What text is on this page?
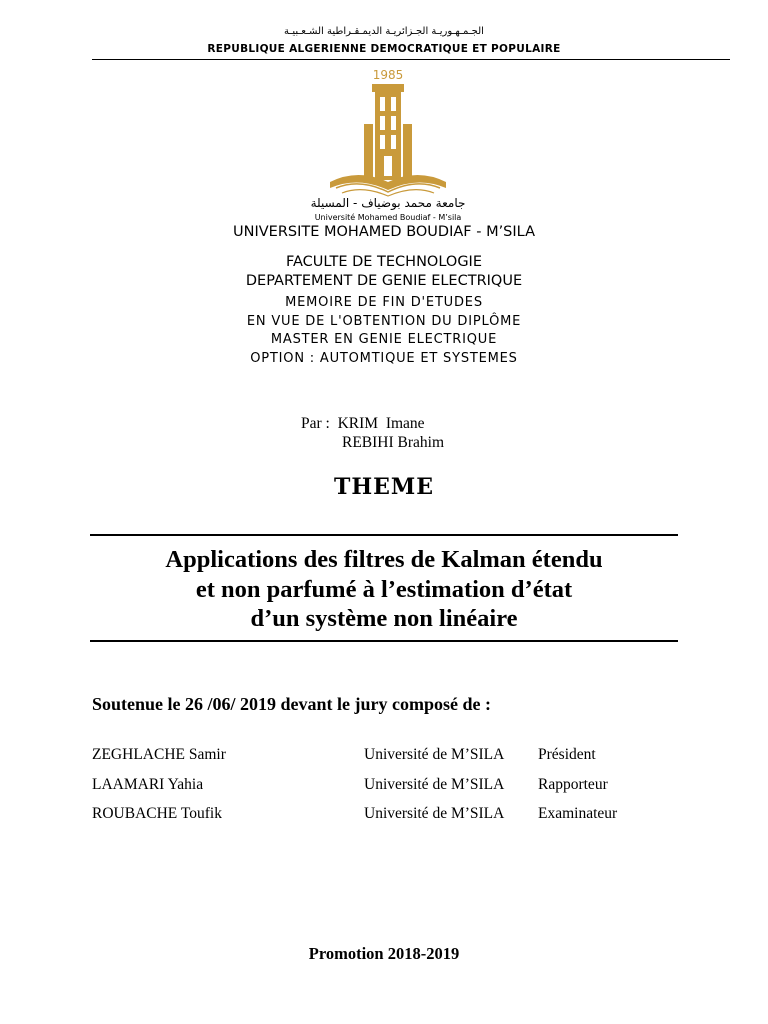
الجـمـهـوريـة الجـزائريـة الديمـقـراطية الشـعـبيـة
REPUBLIQUE ALGERIENNE DEMOCRATIQUE ET POPULAIRE
1985
جامعة محمد بوضياف - المسيلة
Université Mohamed Boudiaf - M’sila
UNIVERSITE MOHAMED BOUDIAF - M’SILA
FACULTE DE TECHNOLOGIE
DEPARTEMENT DE GENIE ELECTRIQUE
MEMOIRE DE FIN D'ETUDES
EN VUE DE L'OBTENTION DU DIPLÔME
MASTER EN GENIE ELECTRIQUE
OPTION : AUTOMTIQUE ET SYSTEMES
Par : KRIM  Imane
REBIHI Brahim
THEME
Applications des filtres de Kalman étendu
et non parfumé à l’estimation d’état
d’un système non linéaire
Soutenue le 26 /06/ 2019 devant le jury composé de :
ZEGHLACHE Samir	Université de M’SILA Président
LAAMARI Yahia	Université de M’SILA Rapporteur
ROUBACHE Toufik	Université de M’SILA Examinateur
Promotion 2018-2019
